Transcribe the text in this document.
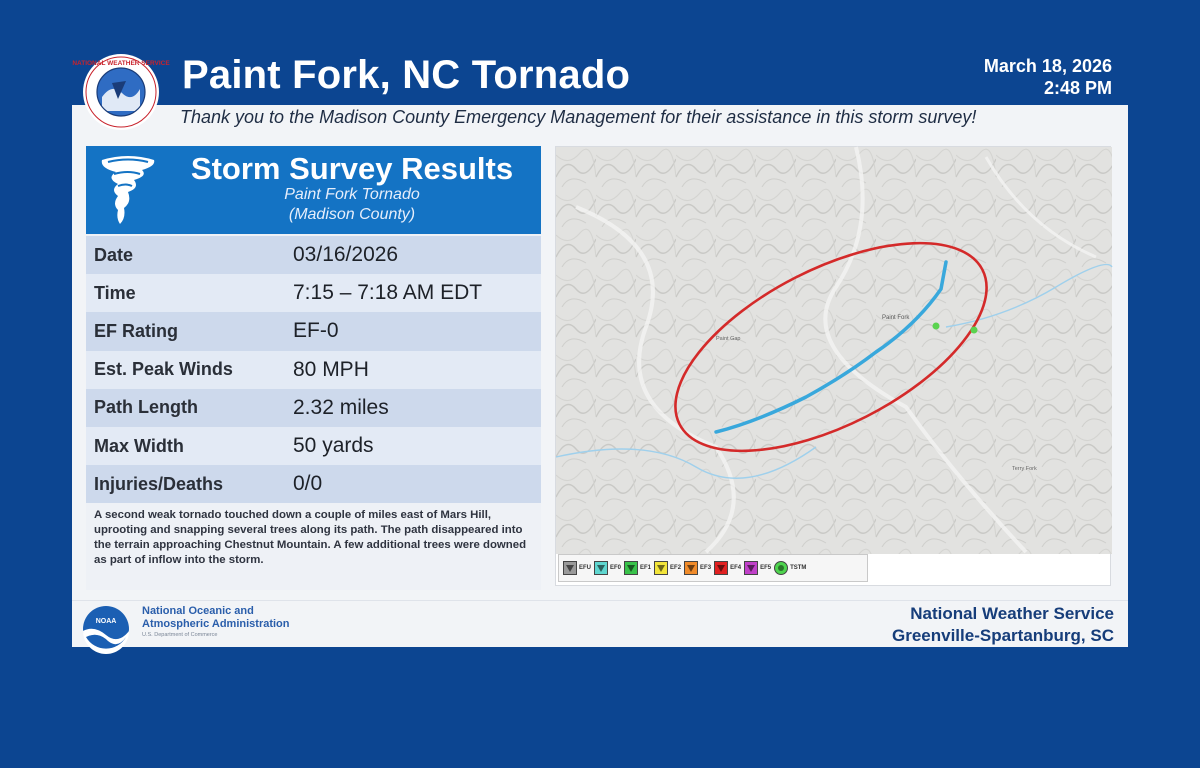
Paint Fork, NC Tornado	March 18, 2026
2:48 PM
NATIONAL WEATHER SERVICE
Thank you to the Madison County Emergency Management for their assistance in this storm survey!
Storm Survey Results
Paint Fork Tornado
(Madison County)
Date	03/16/2026
Time	7:15 – 7:18 AM EDT
EF Rating	EF-0
Est. Peak Winds	80 MPH
Path Length	2.32 miles
Max Width	50 yards
Injuries/Deaths	0/0
A second weak tornado touched down a couple of miles east of Mars Hill, uprooting and snapping several trees along its path. The path disappeared into the terrain approaching Chestnut Mountain. A few additional trees were downed as part of inflow into the storm.
Paint Fork
Paint Gap
Terry Fork
EFU	EF0	EF1	EF2	EF3	EF4	EF5	TSTM
NOAA
National Oceanic and
Atmospheric Administration
U.S. Department of Commerce
National Weather Service
Greenville-Spartanburg, SC
